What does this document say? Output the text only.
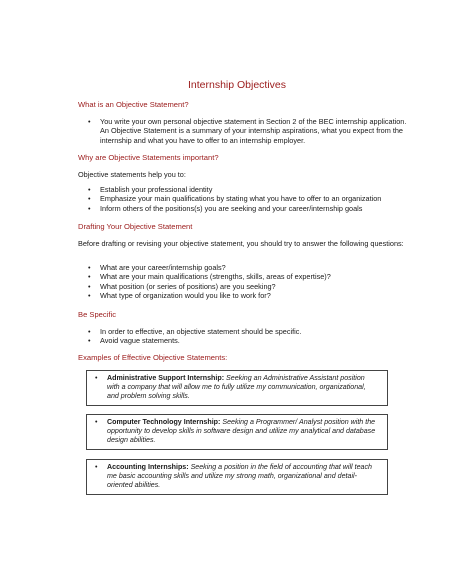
Internship Objectives
What is an Objective Statement?
• You write your own personal objective statement in Section 2 of the BEC internship application. An Objective Statement is a summary of your internship aspirations, what you expect from the internship and what you have to offer to an internship employer.
Why are Objective Statements important?
Objective statements help you to:
• Establish your professional identity
• Emphasize your main qualifications by stating what you have to offer to an organization
• Inform others of the positions(s) you are seeking and your career/internship goals
Drafting Your Objective Statement
Before drafting or revising your objective statement, you should try to answer the following questions:
• What are your career/internship goals?
• What are your main qualifications (strengths, skills, areas of expertise)?
• What position (or series of positions) are you seeking?
• What type of organization would you like to work for?
Be Specific
• In order to effective, an objective statement should be specific.
• Avoid vague statements.
Examples of Effective Objective Statements:
• Administrative Support Internship: Seeking an Administrative Assistant position with a company that will allow me to fully utilize my communication, organizational, and problem solving skills.
• Computer Technology Internship: Seeking a Programmer/ Analyst position with the opportunity to develop skills in software design and utilize my analytical and database design abilities.
• Accounting Internships: Seeking a position in the field of accounting that will teach me basic accounting skills and utilize my strong math, organizational and detail-oriented abilities.
